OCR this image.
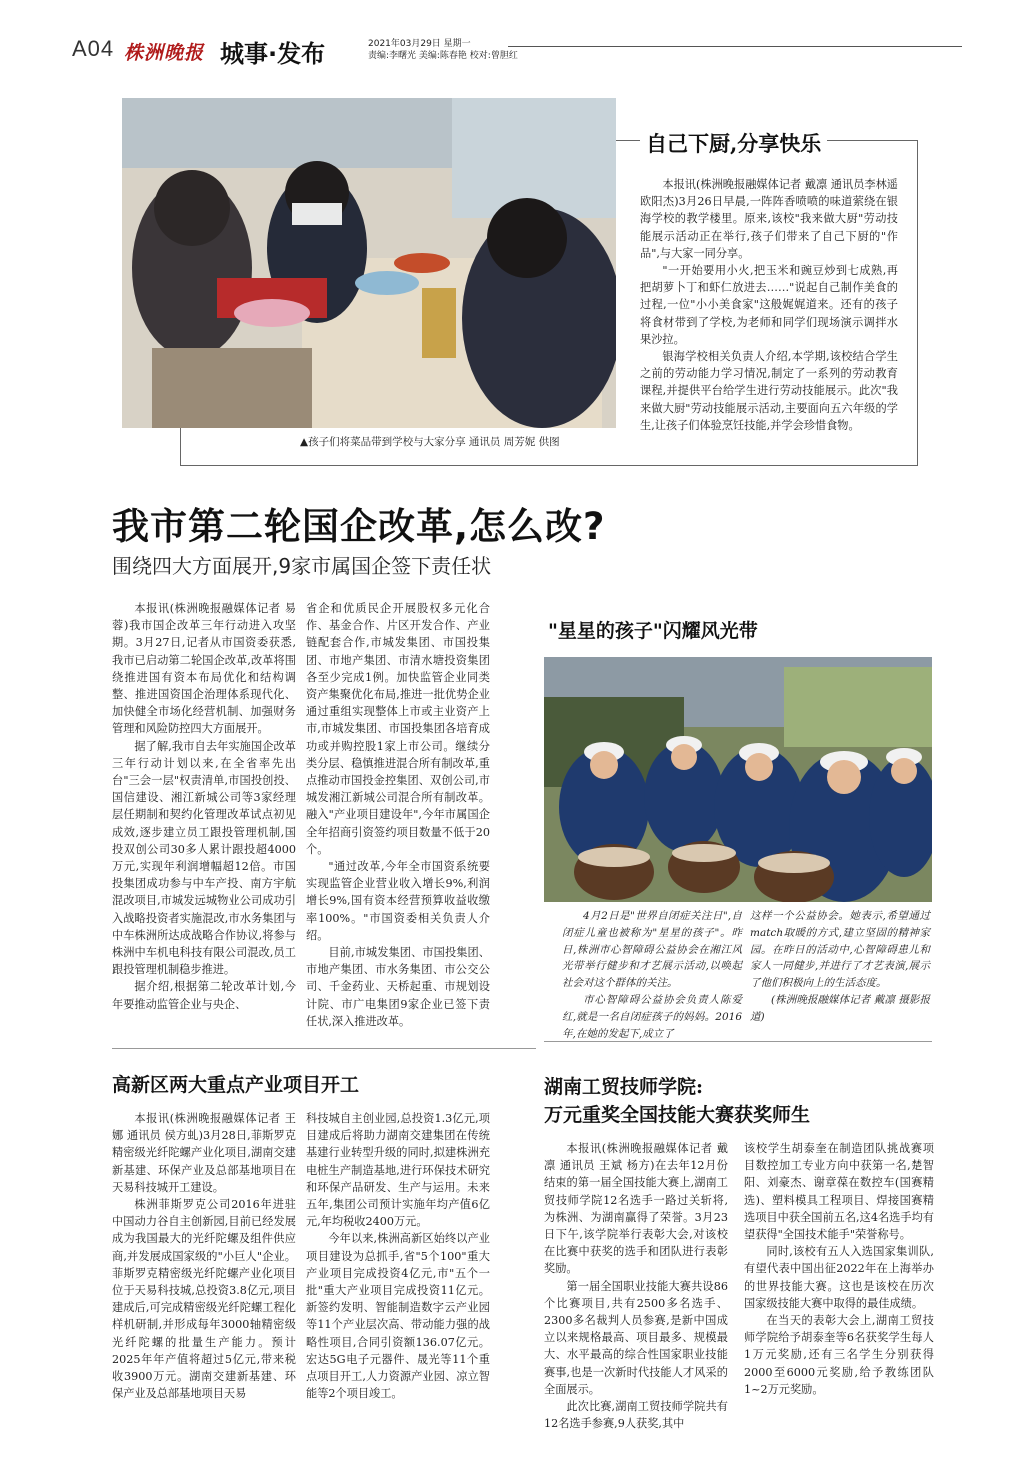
A04 株洲晚报 城事·发布	2021年03月29日 星期一
责编:李曙光 美编:陈春艳 校对:曾胆红
▲孩子们将菜品带到学校与大家分享 通讯员 周芳妮 供图
自己下厨,分享快乐

本报讯(株洲晚报融媒体记者 戴凛 通讯员李林遥 欧阳杰)3月26日早晨,一阵阵香喷喷的味道萦绕在银海学校的教学楼里。原来,该校"我来做大厨"劳动技能展示活动正在举行,孩子们带来了自己下厨的"作品",与大家一同分享。

"一开始要用小火,把玉米和豌豆炒到七成熟,再把胡萝卜丁和虾仁放进去……"说起自己制作美食的过程,一位"小小美食家"这般娓娓道来。还有的孩子将食材带到了学校,为老师和同学们现场演示调拌水果沙拉。

银海学校相关负责人介绍,本学期,该校结合学生之前的劳动能力学习情况,制定了一系列的劳动教育课程,并提供平台给学生进行劳动技能展示。此次"我来做大厨"劳动技能展示活动,主要面向五六年级的学生,让孩子们体验烹饪技能,并学会珍惜食物。

我市第二轮国企改革,怎么改?
围绕四大方面展开,9家市属国企签下责任状

本报讯(株洲晚报融媒体记者 易蓉)我市国企改革三年行动进入攻坚期。3月27日,记者从市国资委获悉,我市已启动第二轮国企改革,改革将围绕推进国有资本布局优化和结构调整、推进国资国企治理体系现代化、加快健全市场化经营机制、加强财务管理和风险防控四大方面展开。

据了解,我市自去年实施国企改革三年行动计划以来,在全省率先出台"三会一层"权责清单,市国投创投、国信建设、湘江新城公司等3家经理层任期制和契约化管理改革试点初见成效,逐步建立员工跟投管理机制,国投双创公司30多人累计跟投超4000万元,实现年利润增幅超12倍。市国投集团成功参与中车产投、南方宇航混改项目,市城发远城物业公司成功引入战略投资者实施混改,市水务集团与中车株洲所达成战略合作协议,将参与株洲中车机电科技有限公司混改,员工跟投管理机制稳步推进。

据介绍,根据第二轮改革计划,今年要推动监管企业与央企、

省企和优质民企开展股权多元化合作、基金合作、片区开发合作、产业链配套合作,市城发集团、市国投集团、市地产集团、市清水塘投资集团各至少完成1例。加快监管企业同类资产集聚优化布局,推进一批优势企业通过重组实现整体上市或主业资产上市,市城发集团、市国投集团各培育成功或并购控股1家上市公司。继续分类分层、稳慎推进混合所有制改革,重点推动市国投金控集团、双创公司,市城发湘江新城公司混合所有制改革。融入"产业项目建设年",今年市属国企全年招商引资签约项目数量不低于20个。

"通过改革,今年全市国资系统要实现监管企业营业收入增长9%,利润增长9%,国有资本经营预算收益收缴率100%。"市国资委相关负责人介绍。

目前,市城发集团、市国投集团、市地产集团、市水务集团、市公交公司、千金药业、天桥起重、市规划设计院、市广电集团9家企业已签下责任状,深入推进改革。

"星星的孩子"闪耀风光带

4月2日是"世界自闭症关注日",自闭症儿童也被称为"星星的孩子"。昨日,株洲市心智障碍公益协会在湘江风光带举行健步和才艺展示活动,以唤起社会对这个群体的关注。

市心智障碍公益协会负责人陈爱红,就是一名自闭症孩子的妈妈。2016年,在她的发起下,成立了

这样一个公益协会。她表示,希望通过match取暖的方式,建立坚固的精神家园。在昨日的活动中,心智障碍患儿和家人一同健步,并进行了才艺表演,展示了他们积极向上的生活态度。

(株洲晚报融媒体记者 戴凛 摄影报道)

高新区两大重点产业项目开工

本报讯(株洲晚报融媒体记者 王娜 通讯员 侯方虬)3月28日,菲斯罗克精密级光纤陀螺产业化项目,湖南交建新基建、环保产业及总部基地项目在天易科技城开工建设。

株洲菲斯罗克公司2016年进驻中国动力谷自主创新园,目前已经发展成为我国最大的光纤陀螺及组件供应商,并发展成国家级的"小巨人"企业。菲斯罗克精密级光纤陀螺产业化项目位于天易科技城,总投资3.8亿元,项目建成后,可完成精密级光纤陀螺工程化样机研制,并形成每年3000轴精密级光纤陀螺的批量生产能力。预计2025年年产值将超过5亿元,带来税收3900万元。湖南交建新基建、环保产业及总部基地项目天易

科技城自主创业园,总投资1.3亿元,项目建成后将助力湖南交建集团在传统基建行业转型升级的同时,拟建株洲充电桩生产制造基地,进行环保技术研究和环保产品研发、生产与运用。未来五年,集团公司预计实施年均产值6亿元,年均税收2400万元。

今年以来,株洲高新区始终以产业项目建设为总抓手,省"5个100"重大产业项目完成投资4亿元,市"五个一批"重大产业项目完成投资11亿元。新签约发明、智能制造数字云产业园等11个产业层次高、带动能力强的战略性项目,合同引资额136.07亿元。宏达5G电子元器件、晟光等11个重点项目开工,人力资源产业园、凉立智能等2个项目竣工。

湖南工贸技师学院:
万元重奖全国技能大赛获奖师生

本报讯(株洲晚报融媒体记者 戴凛 通讯员 王斌 杨方)在去年12月份结束的第一届全国技能大赛上,湖南工贸技师学院12名选手一路过关斩将,为株洲、为湖南赢得了荣誉。3月23日下午,该学院举行表彰大会,对该校在比赛中获奖的选手和团队进行表彰奖励。

第一届全国职业技能大赛共设86个比赛项目,共有2500多名选手、2300多名裁判人员参赛,是新中国成立以来规格最高、项目最多、规模最大、水平最高的综合性国家职业技能赛事,也是一次新时代技能人才风采的全面展示。

此次比赛,湖南工贸技师学院共有12名选手参赛,9人获奖,其中

该校学生胡泰奎在制造团队挑战赛项目数控加工专业方向中获第一名,楚智阳、刘豪杰、谢章葆在数控车(国赛精选)、塑料模具工程项目、焊接国赛精选项目中获全国前五名,这4名选手均有望获得"全国技术能手"荣誉称号。

同时,该校有五人入选国家集训队,有望代表中国出征2022年在上海举办的世界技能大赛。这也是该校在历次国家级技能大赛中取得的最佳成绩。

在当天的表彰大会上,湖南工贸技师学院给予胡泰奎等6名获奖学生每人1万元奖励,还有三名学生分别获得2000至6000元奖励,给予教练团队1~2万元奖励。
